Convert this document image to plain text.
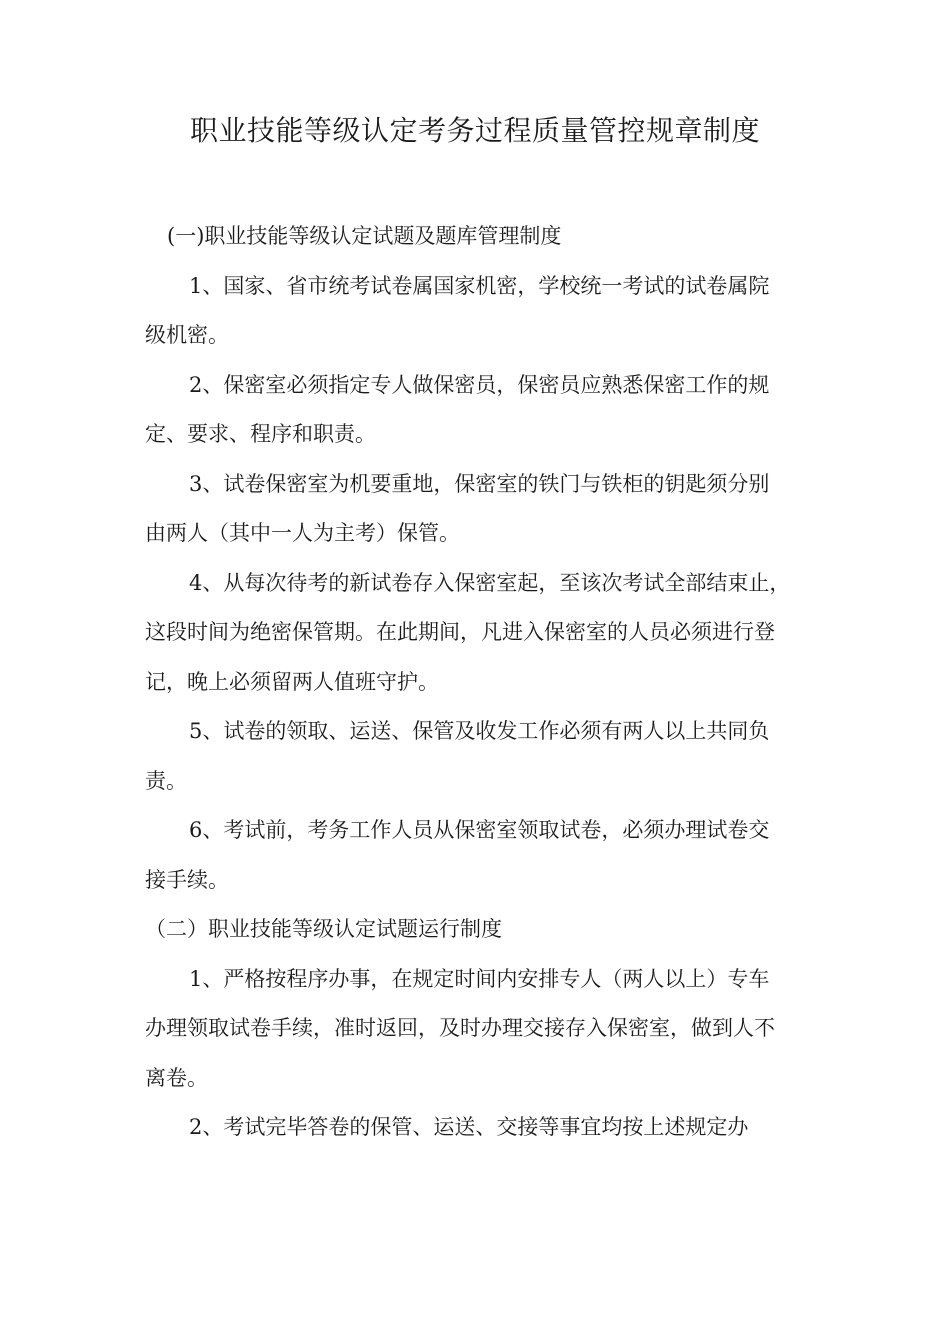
职业技能等级认定考务过程质量管控规章制度
(一)职业技能等级认定试题及题库管理制度
1、国家、省市统考试卷属国家机密，学校统一考试的试卷属院
级机密。
2、保密室必须指定专人做保密员，保密员应熟悉保密工作的规
定、要求、程序和职责。
3、试卷保密室为机要重地，保密室的铁门与铁柜的钥匙须分别
由两人（其中一人为主考）保管。
4、从每次待考的新试卷存入保密室起，至该次考试全部结束止，
这段时间为绝密保管期。在此期间，凡进入保密室的人员必须进行登
记，晚上必须留两人值班守护。
5、试卷的领取、运送、保管及收发工作必须有两人以上共同负
责。
6、考试前，考务工作人员从保密室领取试卷，必须办理试卷交
接手续。
（二）职业技能等级认定试题运行制度
1、严格按程序办事，在规定时间内安排专人（两人以上）专车
办理领取试卷手续，准时返回，及时办理交接存入保密室，做到人不
离卷。
2、考试完毕答卷的保管、运送、交接等事宜均按上述规定办
